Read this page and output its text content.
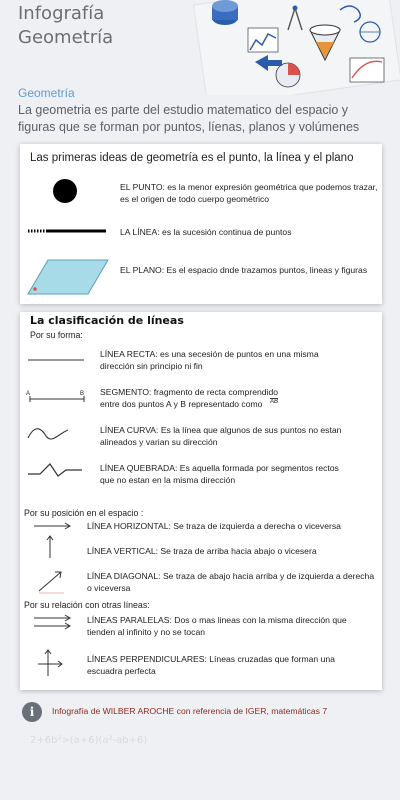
Infografía
Geometría
Geometría
La geometria es parte del estudio matematico del espacio y figuras que se forman por puntos, líenas, planos y volúmenes
Las primeras ideas de geometría es el punto, la línea y el plano
EL PUNTO: es la menor expresión geométrica que podemos trazar, es el origen de todo cuerpo geométrico
LA LÍNEA: es la sucesión continua de puntos
EL PLANO: Es el espacio dnde trazamos puntos, lineas y figuras
La clasificación de líneas
Por su forma:
LÍNEA RECTA: es una secesión de puntos en una misma dirección sin principio ni fin
A	B SEGMENTO: fragmento de recta comprendido entre dos puntos A y B representado como	AB
LÍNEA CURVA: Es la línea que algunos de sus puntos no estan alineados y varian su dirección
LÍNEA QUEBRADA: Es aquella formada por segmentos rectos que no estan en la misma dirección
Por su posición en el espacio :
LÍNEA HORIZONTAL: Se traza de izquierda a derecha o viceversa
LÍNEA VERTICAL: Se traza de arriba hacia abajo o vicesera
LÍNEA DIAGONAL: Se traza de abajo hacia arriba y de izquierda a derecha o viceversa
Por su relación con otras líneas:
LÍNEAS PARALELAS: Dos o mas lineas con la misma dirección que tienden al infinito y no se tocan
LÍNEAS PERPENDICULARES: Líneas cruzadas que forman una escuadra perfecta
i	Infografía de WILBER AROCHE con referencia de IGER, matemáticas 7
2+6b²>(a+6)(a²-ab+6)
